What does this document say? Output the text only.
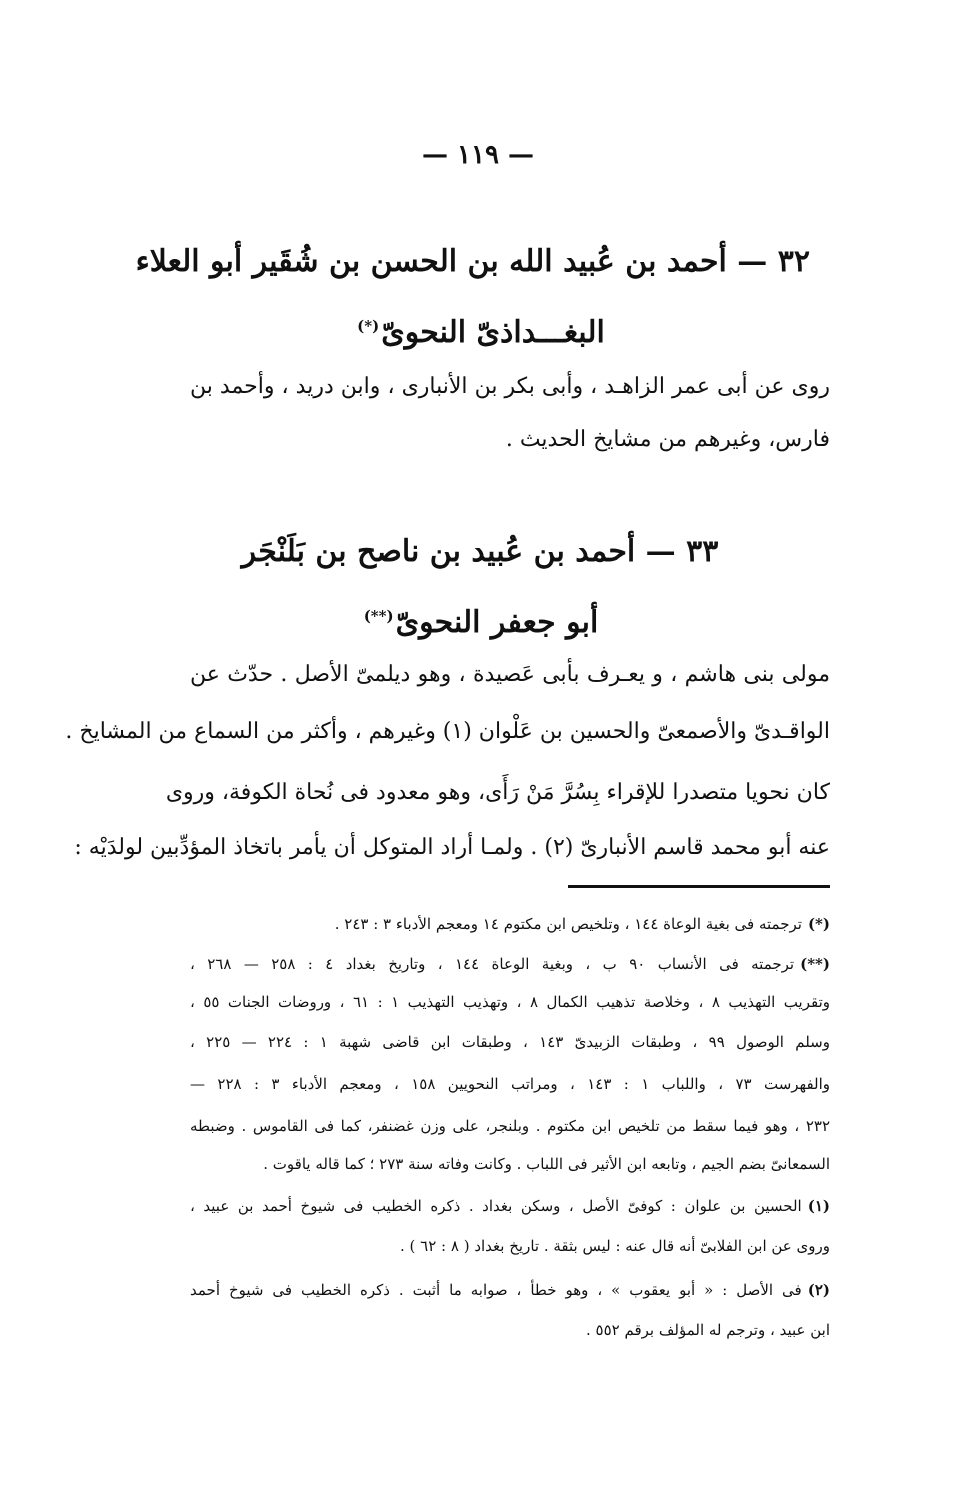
— ١١٩ —
٣٢ — أحمد بن عُبيد الله بن الحسن بن شُقَير أبو العلاء
البغـــداذىّ النحوىّ(*)
روى عن أبى عمر الزاهـد ، وأبى بكر بن الأنبارى ، وابن دريد ، وأحمد بن
فارس، وغيرهم من مشايخ الحديث .
٣٣ — أحمد بن عُبيد بن ناصح بن بَلَنْجَر
أبو جعفر النحوىّ(**)
مولى بنى هاشم ، و يعـرف بأبى عَصيدة ، وهو ديلمىّ الأصل . حدّث عن
الواقـدىّ والأصمعىّ والحسين بن عَلْوان (١) وغيرهم ، وأكثر من السماع من المشايخ .
كان نحويا متصدرا للإقراء بِسُرَّ مَنْ رَأَى، وهو معدود فى نُحاة الكوفة، وروى
عنه أبو محمد قاسم الأنبارىّ (٢) . ولمـا أراد المتوكل أن يأمر باتخاذ المؤدِّبين لولدَيْه :
(*)ترجمته فى بغية الوعاة ١٤٤ ، وتلخيص ابن مكتوم ١٤ ومعجم الأدباء ٣ : ٢٤٣ .
(**)ترجمته فى الأنساب ٩٠ ب ، وبغية الوعاة ١٤٤ ، وتاريخ بغداد ٤ : ٢٥٨ — ٢٦٨ ،
وتقريب التهذيب ٨ ، وخلاصة تذهيب الكمال ٨ ، وتهذيب التهذيب ١ : ٦١ ، وروضات الجنات ٥٥ ،
وسلم الوصول ٩٩ ، وطبقات الزبيدىّ ١٤٣ ، وطبقات ابن قاضى شهبة ١ : ٢٢٤ — ٢٢٥ ،
والفهرست ٧٣ ، واللباب ١ : ١٤٣ ، ومراتب النحويين ١٥٨ ، ومعجم الأدباء ٣ : ٢٢٨ —
٢٣٢ ، وهو فيما سقط من تلخيص ابن مكتوم . وبلنجر، على وزن غضنفر، كما فى القاموس . وضبطه
السمعانىّ بضم الجيم ، وتابعه ابن الأثير فى اللباب . وكانت وفاته سنة ٢٧٣ ؛ كما قاله ياقوت .
(١)الحسين بن علوان : كوفىّ الأصل ، وسكن بغداد . ذكره الخطيب فى شيوخ أحمد بن عبيد ،
وروى عن ابن الفلابىّ أنه قال عنه : ليس بثقة . تاريخ بغداد ( ٨ : ٦٢ ) .
(٢)فى الأصل : « أبو يعقوب » ، وهو خطأ ، صوابه ما أثبت . ذكره الخطيب فى شيوخ أحمد
ابن عبيد ، وترجم له المؤلف برقم ٥٥٢ .
